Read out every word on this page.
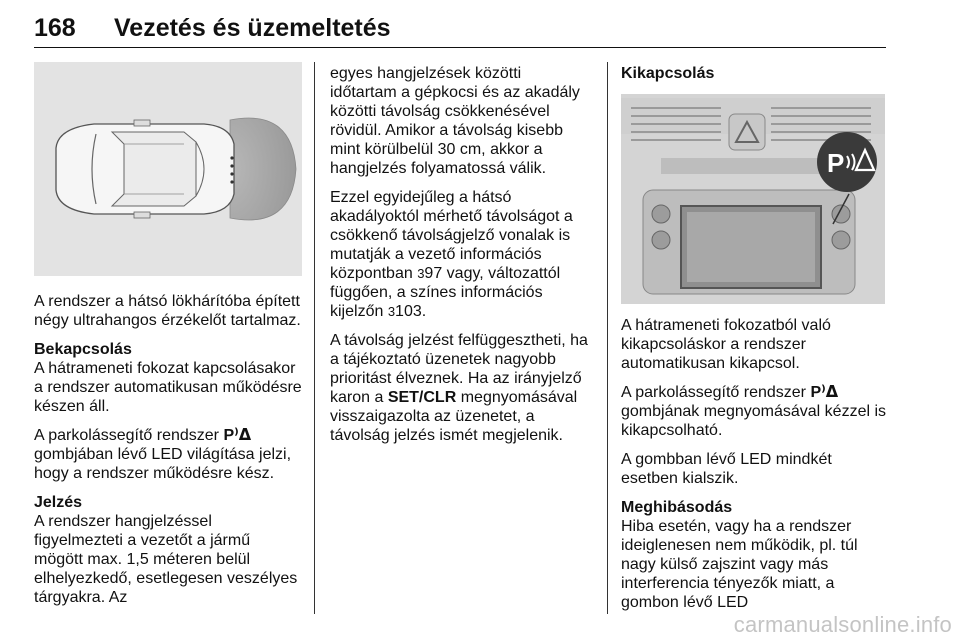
168 Vezetés és üzemeltetés

A rendszer a hátsó lökhárítóba épített négy ultrahangos érzékelőt tartalmaz.

Bekapcsolás
A hátrameneti fokozat kapcsolásakor a rendszer automatikusan működésre készen áll.

A parkolássegítő rendszer P⁾ᐃ gombjában lévő LED világítása jelzi, hogy a rendszer működésre kész.

Jelzés
A rendszer hangjelzéssel figyelmezteti a vezetőt a jármű mögött max. 1,5 méteren belül elhelyezkedő, esetlegesen veszélyes tárgyakra. Az

egyes hangjelzések közötti időtartam a gépkocsi és az akadály közötti távolság csökkenésével rövidül. Amikor a távolság kisebb mint körülbelül 30 cm, akkor a hangjelzés folyamatossá válik.

Ezzel egyidejűleg a hátsó akadályoktól mérhető távolságot a csökkenő távolságjelző vonalak is mutatják a vezető információs központban 397 vagy, változattól függően, a színes információs kijelzőn 3103.

A távolság jelzést felfüggesztheti, ha a tájékoztató üzenetek nagyobb prioritást élveznek. Ha az irányjelző karon a SET/CLR megnyomásával visszaigazolta az üzenetet, a távolság jelzés ismét megjelenik.

Kikapcsolás
P

A hátrameneti fokozatból való kikapcsoláskor a rendszer automatikusan kikapcsol.

A parkolássegítő rendszer P⁾ᐃ gombjának megnyomásával kézzel is kikapcsolható.

A gombban lévő LED mindkét esetben kialszik.

Meghibásodás
Hiba esetén, vagy ha a rendszer ideiglenesen nem működik, pl. túl nagy külső zajszint vagy más interferencia tényezők miatt, a gombon lévő LED

carmanualsonline.info
